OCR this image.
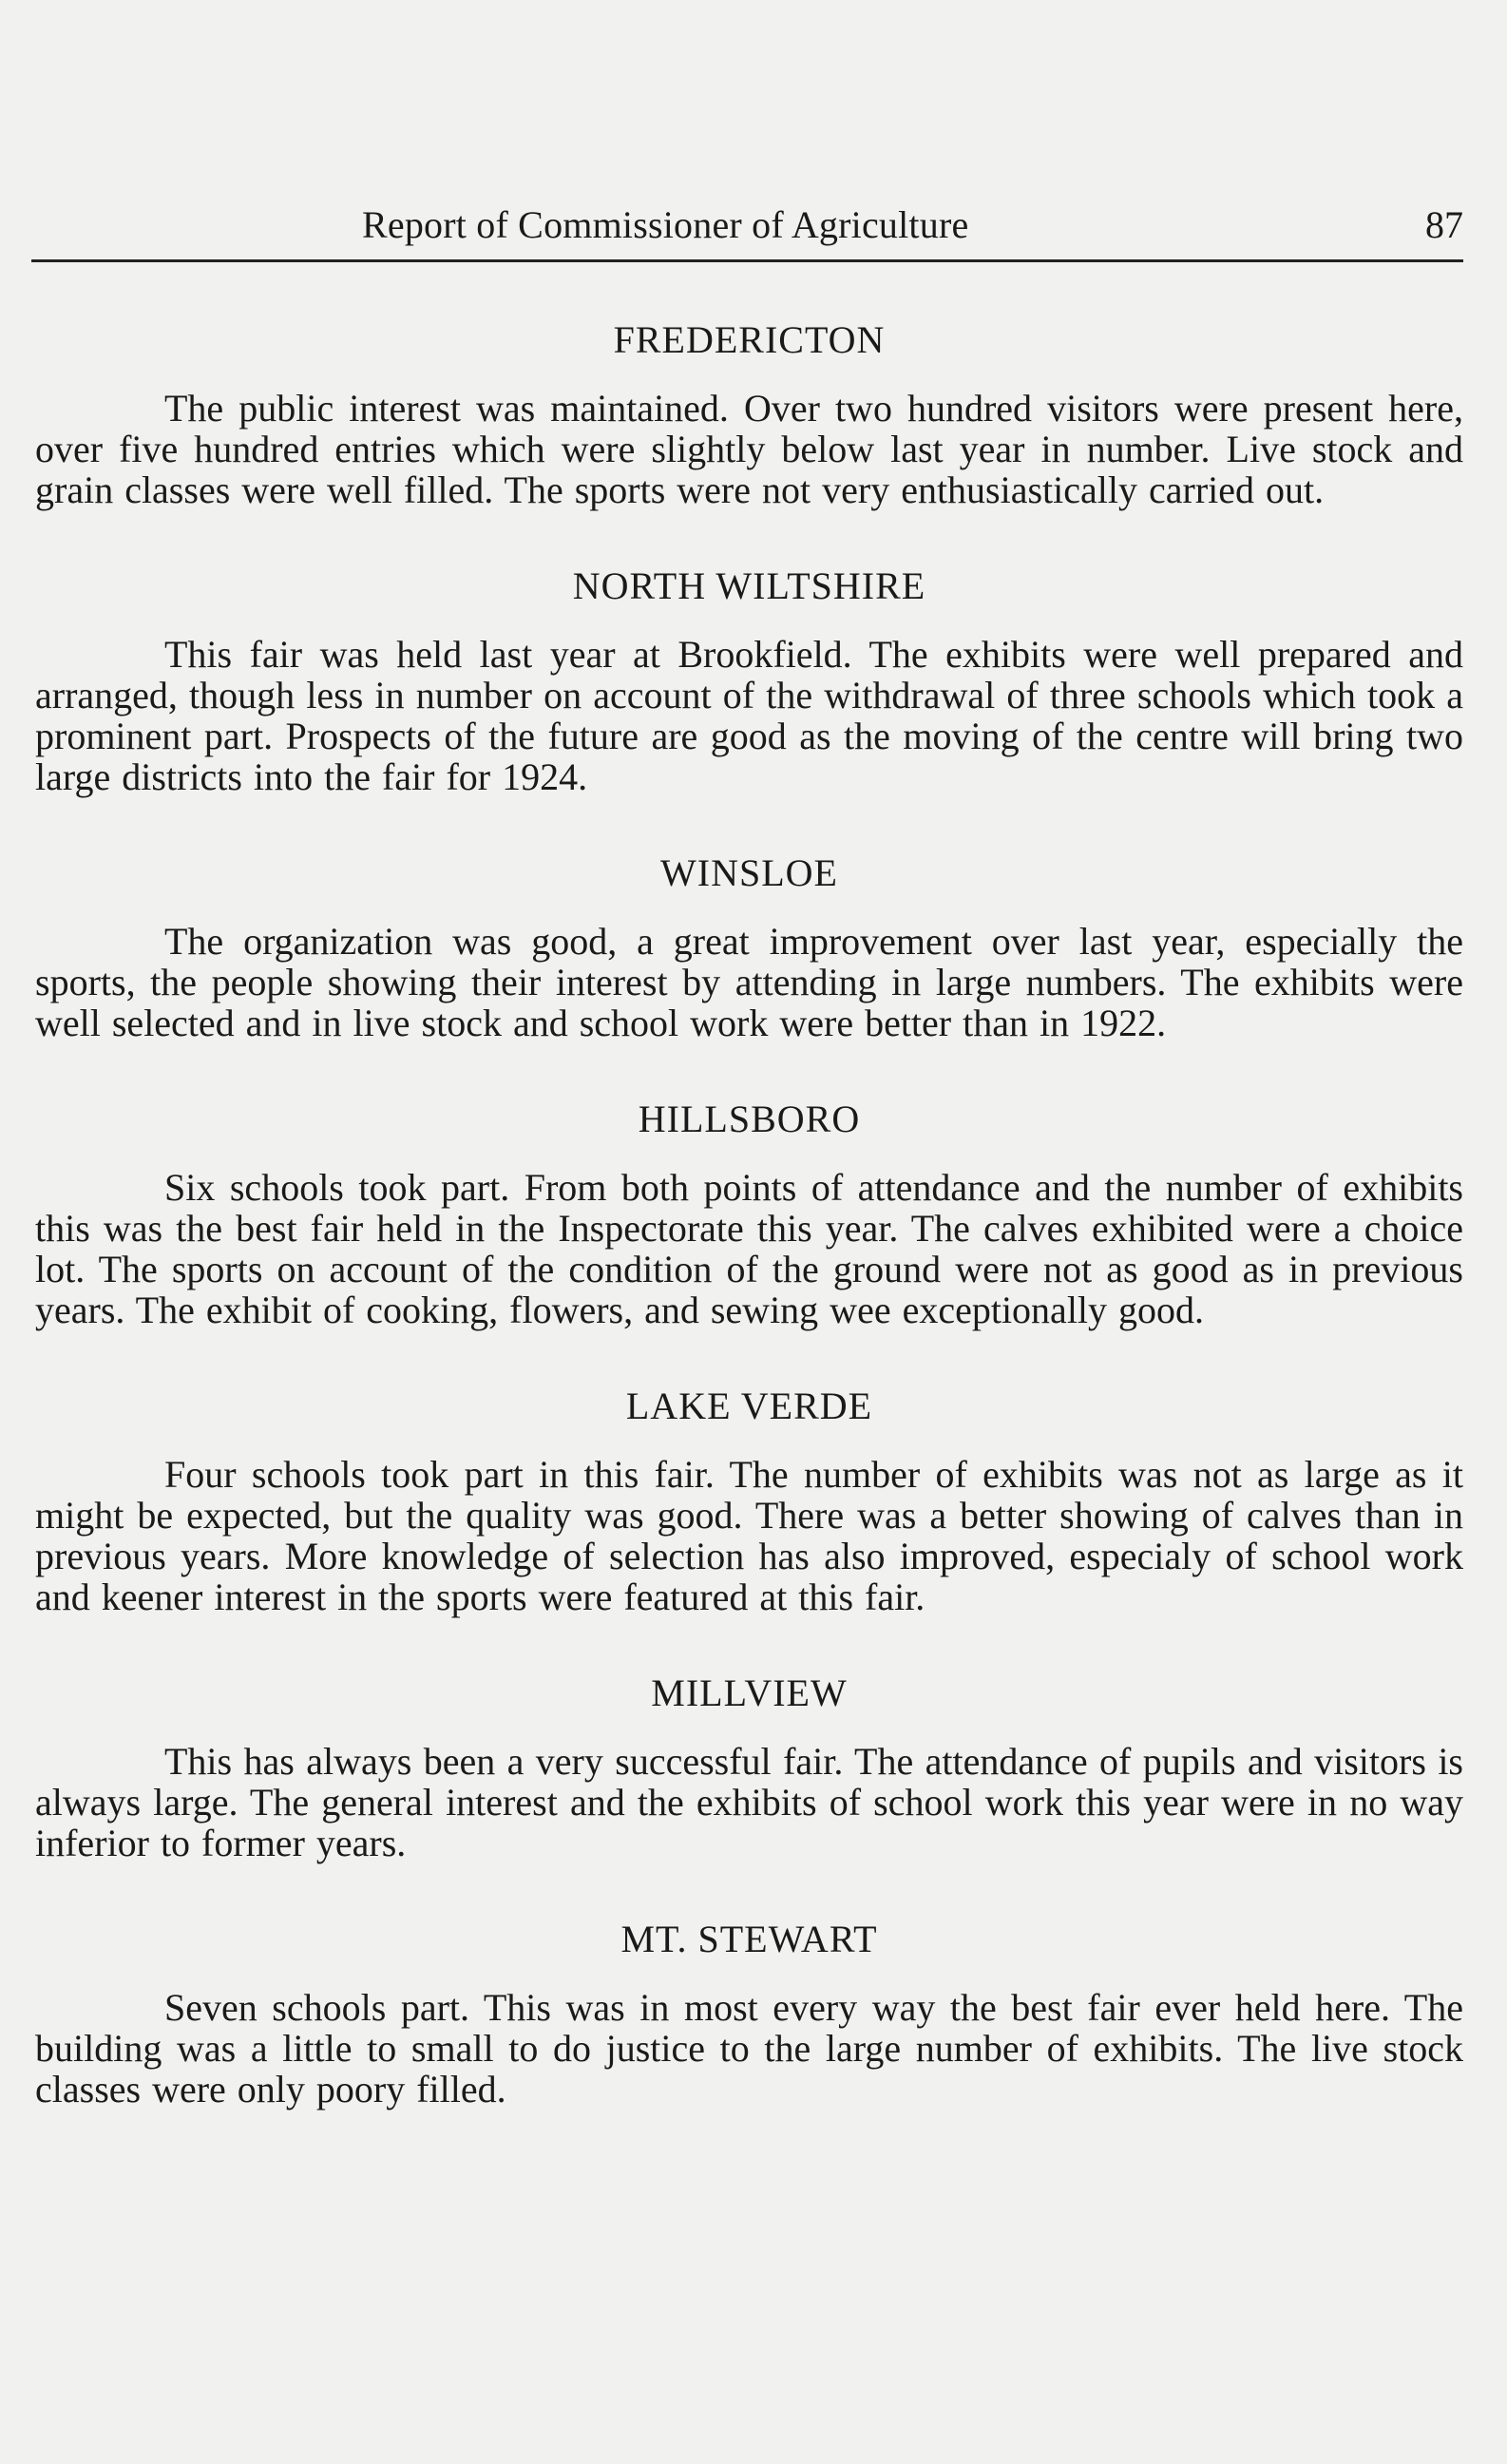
Report of Commissioner of Agriculture	87
FREDERICTON

The public interest was maintained. Over two hundred visitors were present here, over five hundred entries which were slightly below last year in number. Live stock and grain classes were well filled. The sports were not very enthusiastically carried out.

NORTH WILTSHIRE

This fair was held last year at Brookfield. The exhibits were well prepared and arranged, though less in number on account of the withdrawal of three schools which took a prominent part. Prospects of the future are good as the moving of the centre will bring two large districts into the fair for 1924.

WINSLOE

The organization was good, a great improvement over last year, especially the sports, the people showing their interest by attending in large numbers. The exhibits were well selected and in live stock and school work were better than in 1922.

HILLSBORO

Six schools took part. From both points of attendance and the number of exhibits this was the best fair held in the Inspectorate this year. The calves exhibited were a choice lot. The sports on account of the condition of the ground were not as good as in previous years. The exhibit of cooking, flowers, and sewing wee exceptionally good.

LAKE VERDE

Four schools took part in this fair. The number of exhibits was not as large as it might be expected, but the quality was good. There was a better showing of calves than in previous years. More knowledge of selection has also improved, especialy of school work and keener interest in the sports were featured at this fair.

MILLVIEW

This has always been a very successful fair. The attendance of pupils and visitors is always large. The general interest and the exhibits of school work this year were in no way inferior to former years.

MT. STEWART

Seven schools part. This was in most every way the best fair ever held here. The building was a little to small to do justice to the large number of exhibits. The live stock classes were only poory filled.
